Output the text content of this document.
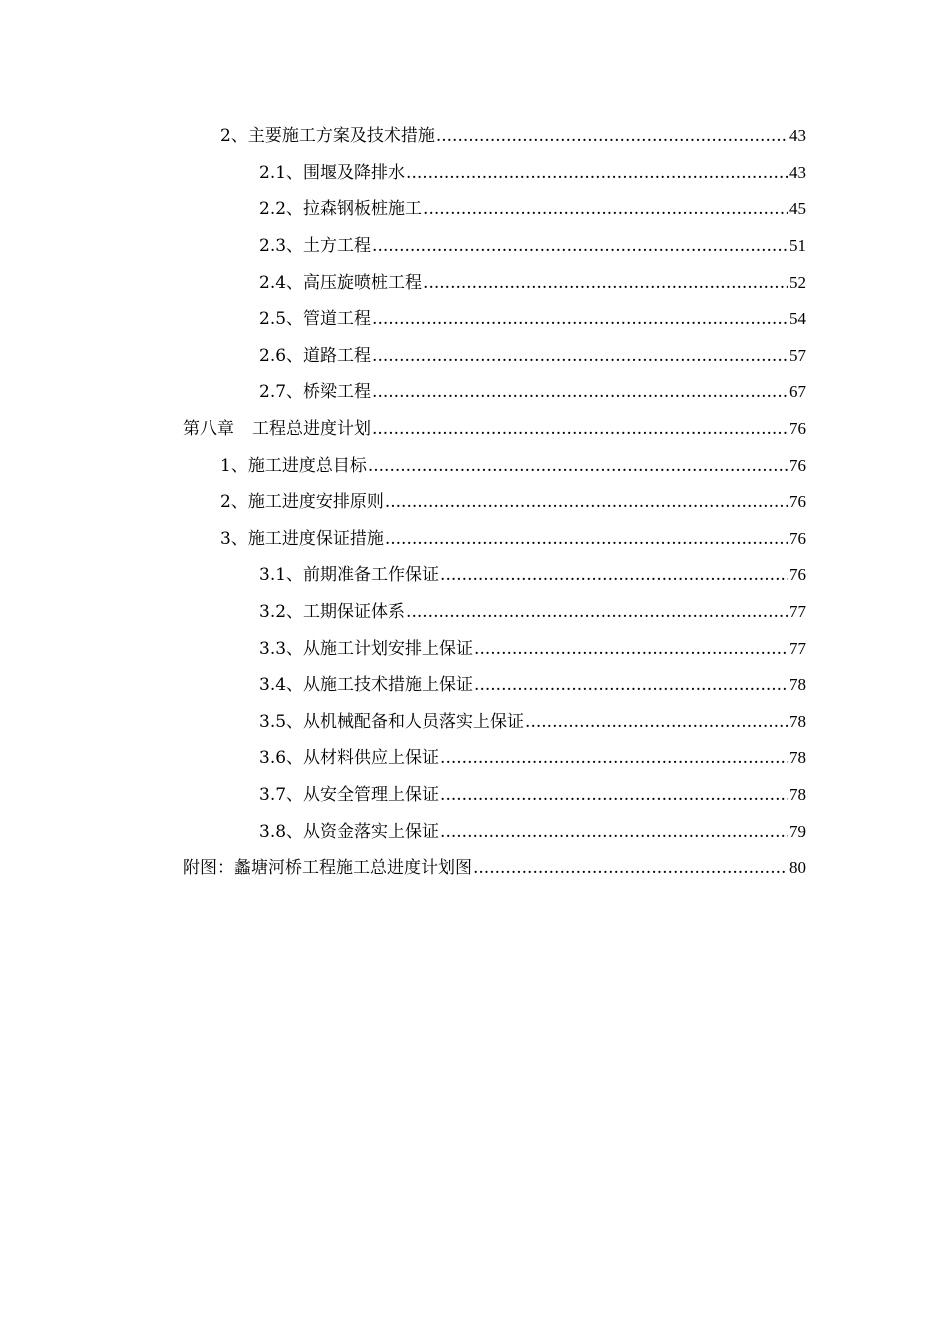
2、主要施工方案及技术措施 .....	43
2.1、围堰及降排水 .....	43
2.2、拉森钢板桩施工 .....	45
2.3、土方工程 .....	51
2.4、高压旋喷桩工程 .....	52
2.5、管道工程 .....	54
2.6、道路工程 .....	57
2.7、桥梁工程 .....	67
第八章 工程总进度计划 .....	76
1、施工进度总目标 .....	76
2、施工进度安排原则 .....	76
3、施工进度保证措施 .....	76
3.1、前期准备工作保证 .....	76
3.2、工期保证体系 .....	77
3.3、从施工计划安排上保证 .....	77
3.4、从施工技术措施上保证 .....	78
3.5、从机械配备和人员落实上保证 .....	78
3.6、从材料供应上保证 .....	78
3.7、从安全管理上保证 .....	78
3.8、从资金落实上保证 .....	79
附图：蠡塘河桥工程施工总进度计划图 .....	80
